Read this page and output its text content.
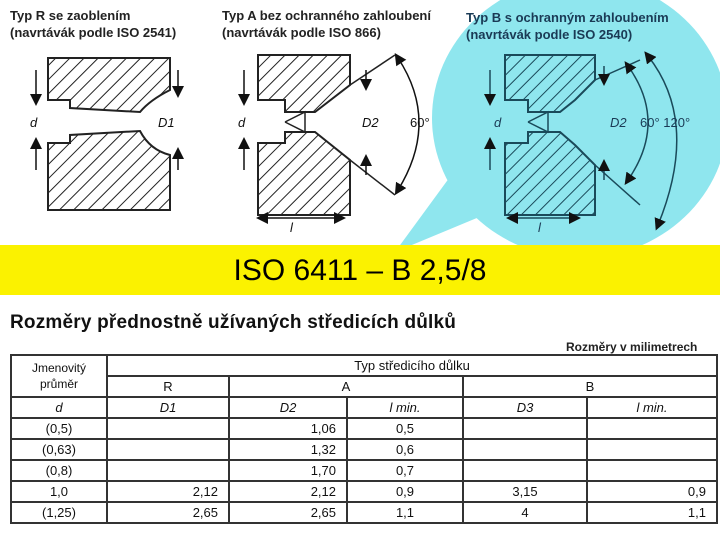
d	D1	d	D2 60°
l
d	D2 60° 120°
l
Typ R se zaoblením
(navrtávák podle ISO 2541)
Typ A bez ochranného zahloubení
(navrtávák podle ISO 866)
Typ B s ochranným zahloubením
(navrtávák podle ISO 2540)
ISO 6411 – B 2,5/8
Rozměry přednostně užívaných středicích důlků
Rozměry v milimetrech
Jmenovitý průměr	Typ středicího důlku				
	R	A		B	
d	D1	D2	l min.	D3	l min.
(0,5)		1,06	0,5		
(0,63)		1,32	0,6		
(0,8)		1,70	0,7		
1,0	2,12	2,12	0,9	3,15	0,9
(1,25)	2,65	2,65	1,1	4	1,1
